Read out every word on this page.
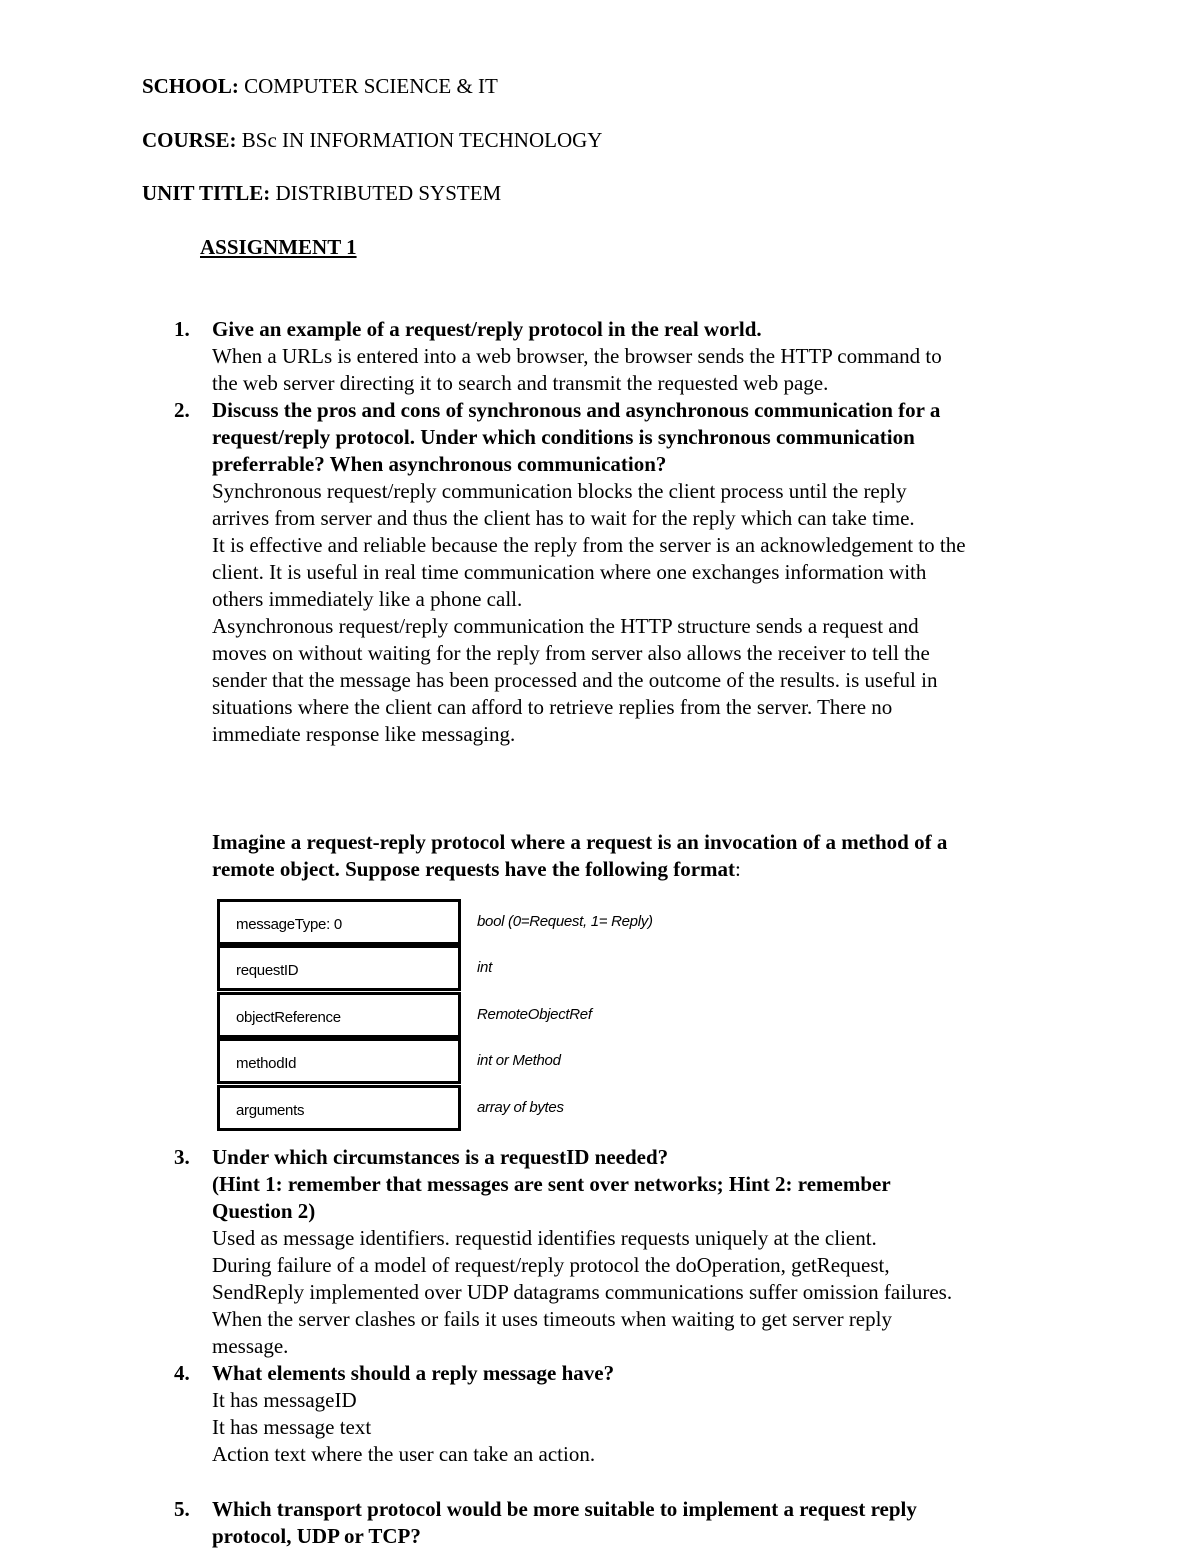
SCHOOL: COMPUTER SCIENCE & IT
COURSE: BSc IN INFORMATION TECHNOLOGY
UNIT TITLE: DISTRIBUTED SYSTEM
ASSIGNMENT 1
1. Give an example of a request/reply protocol in the real world.
When a URLs is entered into a web browser, the browser sends the HTTP command to
the web server directing it to search and transmit the requested web page.
2. Discuss the pros and cons of synchronous and asynchronous communication for a
request/reply protocol. Under which conditions is synchronous communication
preferrable? When asynchronous communication?
Synchronous request/reply communication blocks the client process until the reply
arrives from server and thus the client has to wait for the reply which can take time.
It is effective and reliable because the reply from the server is an acknowledgement to the
client. It is useful in real time communication where one exchanges information with
others immediately like a phone call.
Asynchronous request/reply communication the HTTP structure sends a request and
moves on without waiting for the reply from server also allows the receiver to tell the
sender that the message has been processed and the outcome of the results. is useful in
situations where the client can afford to retrieve replies from the server. There no
immediate response like messaging.
Imagine a request-reply protocol where a request is an invocation of a method of a
remote object. Suppose requests have the following format:
messageType: 0	bool (0=Request, 1= Reply)
requestID	int
objectReference	RemoteObjectRef
methodId	int or Method
arguments	array of bytes
3. Under which circumstances is a requestID needed?
(Hint 1: remember that messages are sent over networks; Hint 2: remember
Question 2)
Used as message identifiers. requestid identifies requests uniquely at the client.
During failure of a model of request/reply protocol the doOperation, getRequest,
SendReply implemented over UDP datagrams communications suffer omission failures.
When the server clashes or fails it uses timeouts when waiting to get server reply
message.
4. What elements should a reply message have?
It has messageID
It has message text
Action text where the user can take an action.
5. Which transport protocol would be more suitable to implement a request reply
protocol, UDP or TCP?
